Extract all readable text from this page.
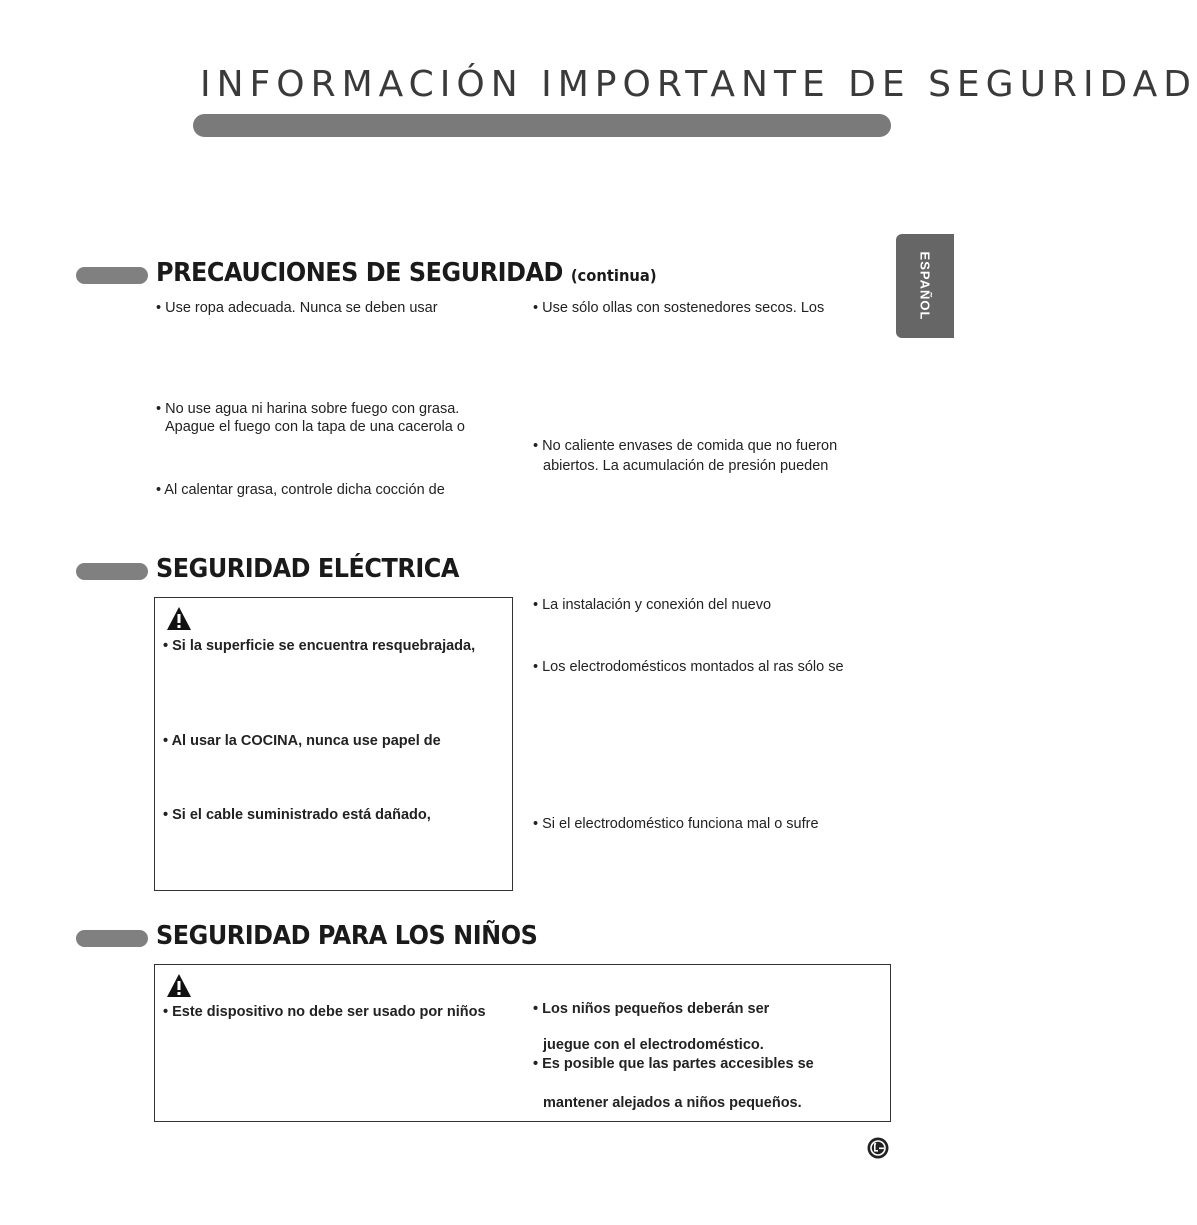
INFORMACIÓN IMPORTANTE DE SEGURIDAD
ESPAÑOL
PRECAUCIONES DE SEGURIDAD (continua)
• Use ropa adecuada. Nunca se deben usar
• No use agua ni harina sobre fuego con grasa.
Apague el fuego con la tapa de una cacerola o
• Al calentar grasa, controle dicha cocción de
• Use sólo ollas con sostenedores secos. Los
• No caliente envases de comida que no fueron
abiertos. La acumulación de presión pueden
SEGURIDAD ELÉCTRICA
• Si la superficie se encuentra resquebrajada,
• Al usar la COCINA, nunca use papel de
• Si el cable suministrado está dañado,
• La instalación y conexión del nuevo
• Los electrodomésticos montados al ras sólo se
• Si el electrodoméstico funciona mal o sufre
SEGURIDAD PARA LOS NIÑOS
• Este dispositivo no debe ser usado por niños	• Los niños pequeños deberán ser
juegue con el electrodoméstico.
• Es posible que las partes accesibles se
mantener alejados a niños pequeños.
